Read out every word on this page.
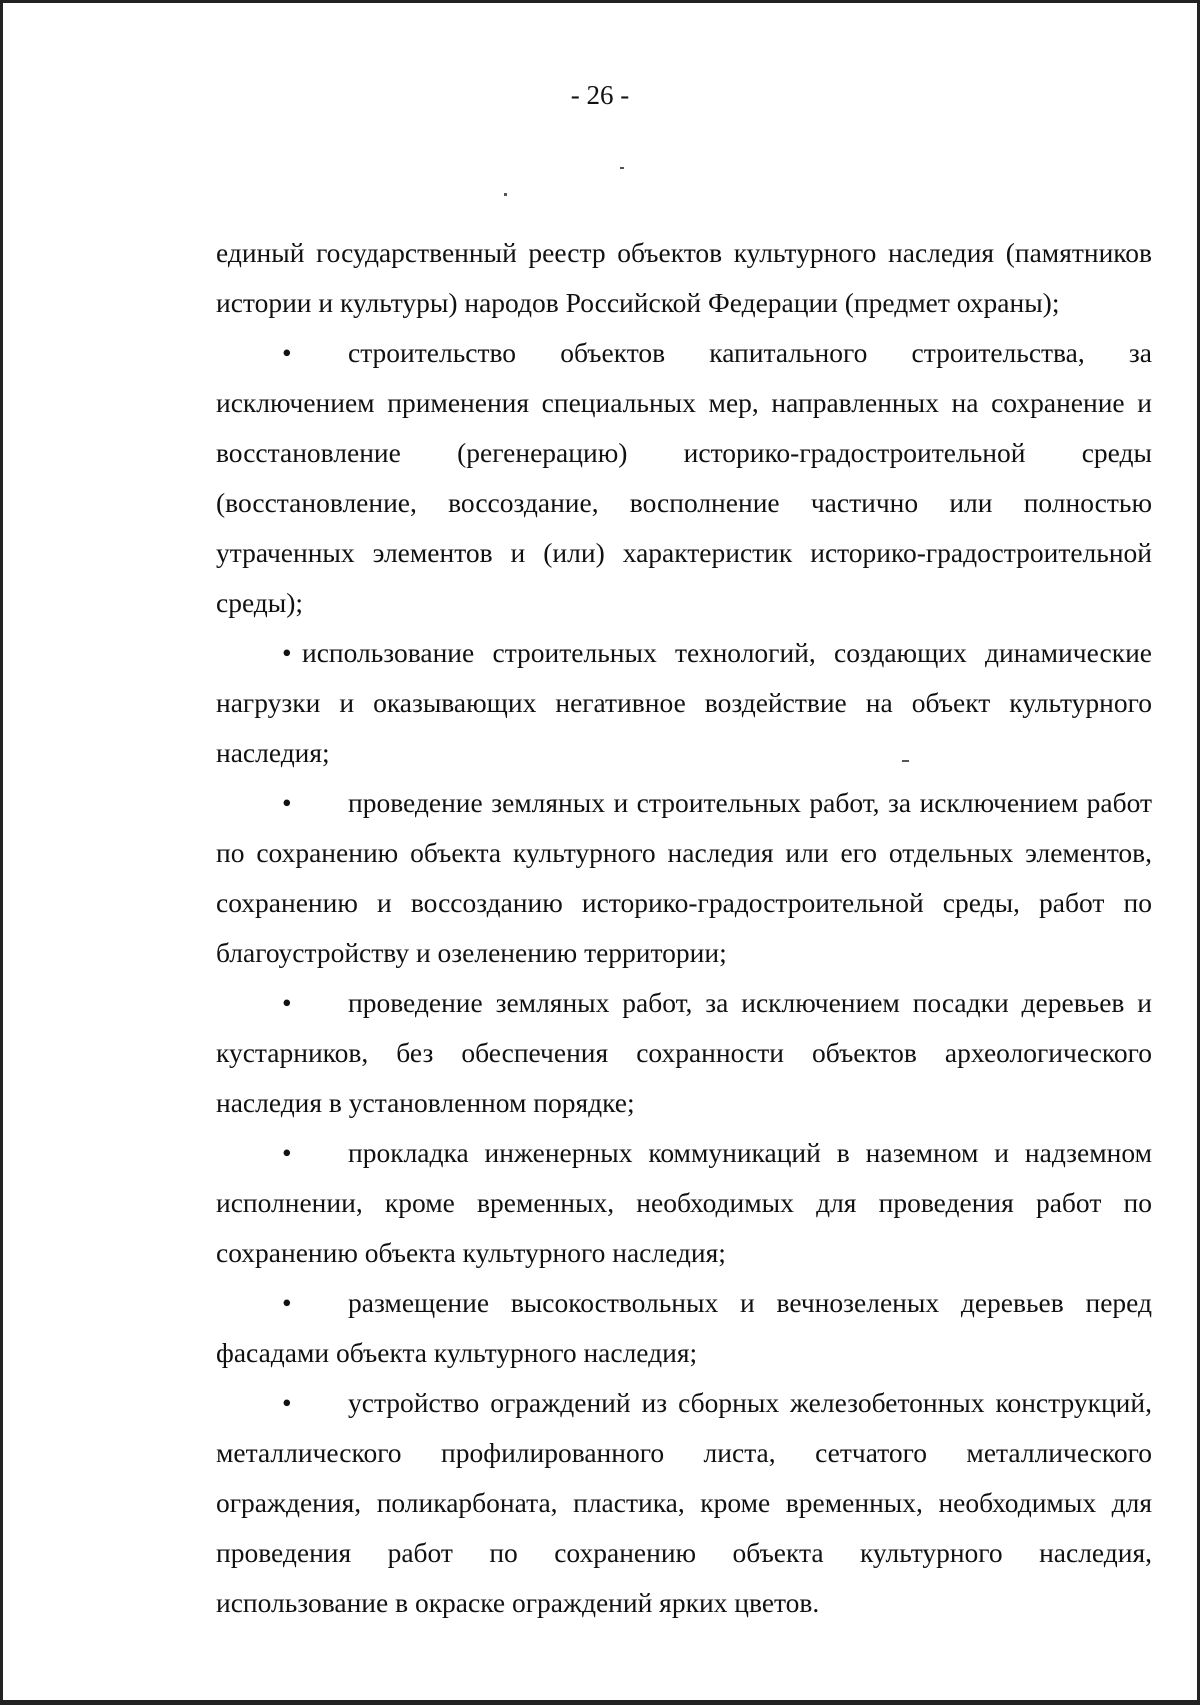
- 26 -

единый государственный реестр объектов культурного наследия (памятников истории и культуры) народов Российской Федерации (предмет охраны);

• строительство объектов капитального строительства, за исключением применения специальных мер, направленных на сохранение и восстановление (регенерацию) историко-градостроительной среды (восстановление, воссоздание, восполнение частично или полностью утраченных элементов и (или) характеристик историко-градостроительной среды);

• использование строительных технологий, создающих динамические нагрузки и оказывающих негативное воздействие на объект культурного наследия;

• проведение земляных и строительных работ, за исключением работ по сохранению объекта культурного наследия или его отдельных элементов, сохранению и воссозданию историко-градостроительной среды, работ по благоустройству и озеленению территории;

• проведение земляных работ, за исключением посадки деревьев и кустарников, без обеспечения сохранности объектов археологического наследия в установленном порядке;

• прокладка инженерных коммуникаций в наземном и надземном исполнении, кроме временных, необходимых для проведения работ по сохранению объекта культурного наследия;

• размещение высокоствольных и вечнозеленых деревьев перед фасадами объекта культурного наследия;

• устройство ограждений из сборных железобетонных конструкций, металлического профилированного листа, сетчатого металлического ограждения, поликарбоната, пластика, кроме временных, необходимых для проведения работ по сохранению объекта культурного наследия, использование в окраске ограждений ярких цветов.
